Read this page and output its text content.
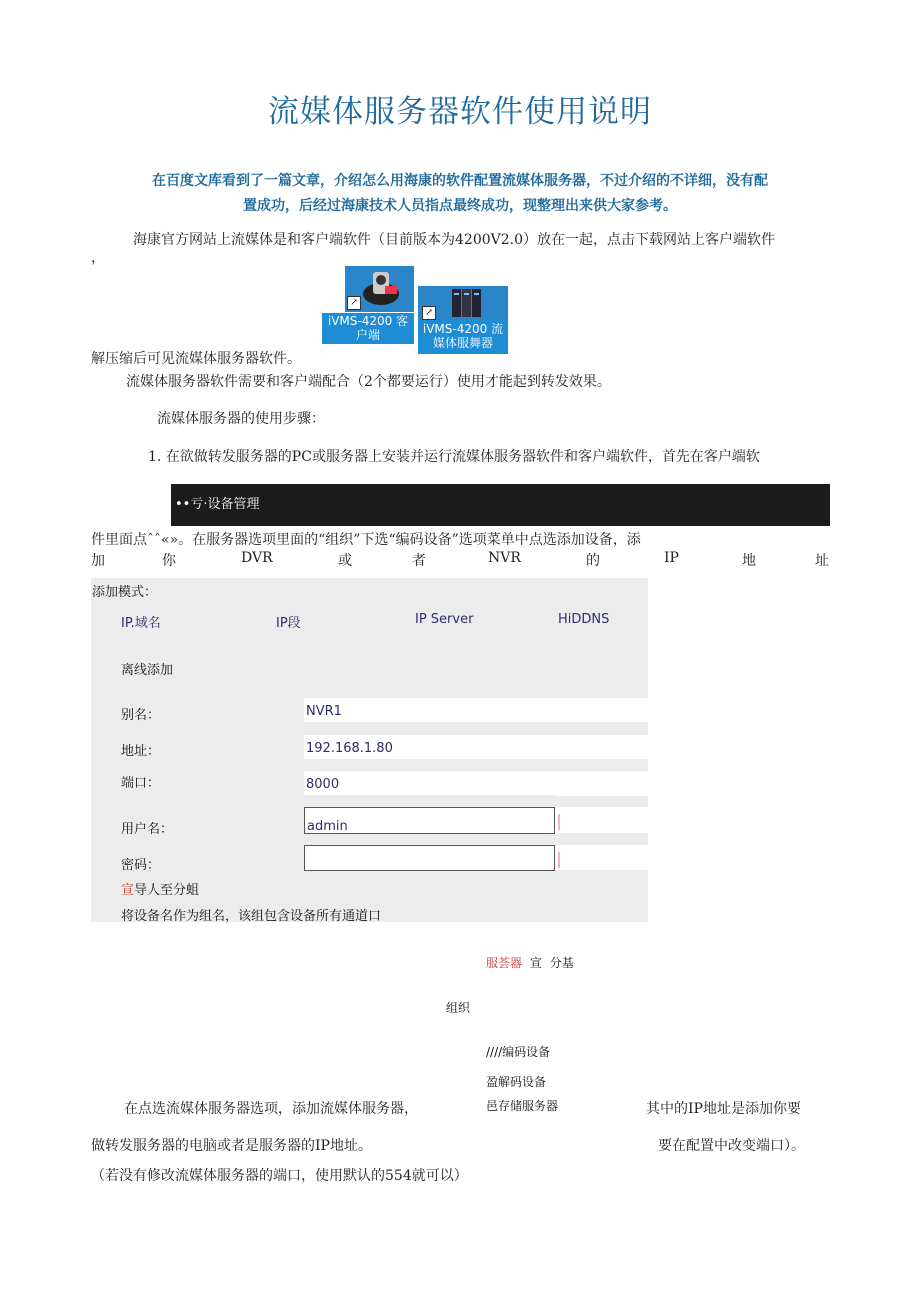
流媒体服务器软件使用说明
在百度文库看到了一篇文章，介绍怎么用海康的软件配置流媒体服务器，不过介绍的不详细，没有配
置成功，后经过海康技术人员指点最终成功，现整理出来供大家参考。
海康官方网站上流媒体是和客户端软件（目前版本为4200V2.0）放在一起，点击下载网站上客户端软件
，
↗
iVMS-4200 客
户端
↗
iVMS-4200 流
媒体服舞器
解压缩后可见流媒体服务器软件。
流媒体服务器软件需要和客户端配合（2个都要运行）使用才能起到转发效果。
流媒体服务器的使用步骤：
1. 在欲做转发服务器的PC或服务器上安装并运行流媒体服务器软件和客户端软件，首先在客户端软
••亏·设备管理
件里面点ˆˆ«»。在服务器选项里面的“组织”下选“编码设备”选项菜单中点选添加设备，添
加	你	DVR	或	者	NVR	的	IP	地	址
添加模式：
IP.域名	IP段	IP Server	HiDDNS
离线添加
别名：	NVR1
地址：	192.168.1.80
端口：	8000
用户名：	admin
密码：
宣导人至分蛆
将设备名作为组名，该组包含设备所有通道口
服荟器 宣 分基
组织
////编码设备
盈解码设备
邑存储服务器
在点选流媒体服务器选项，添加流媒体服务器，	其中的IP地址是添加你要
做转发服务器的电脑或者是服务器的IP地址。	要在配置中改变端口）。
（若没有修改流媒体服务器的端口，使用默认的554就可以）
